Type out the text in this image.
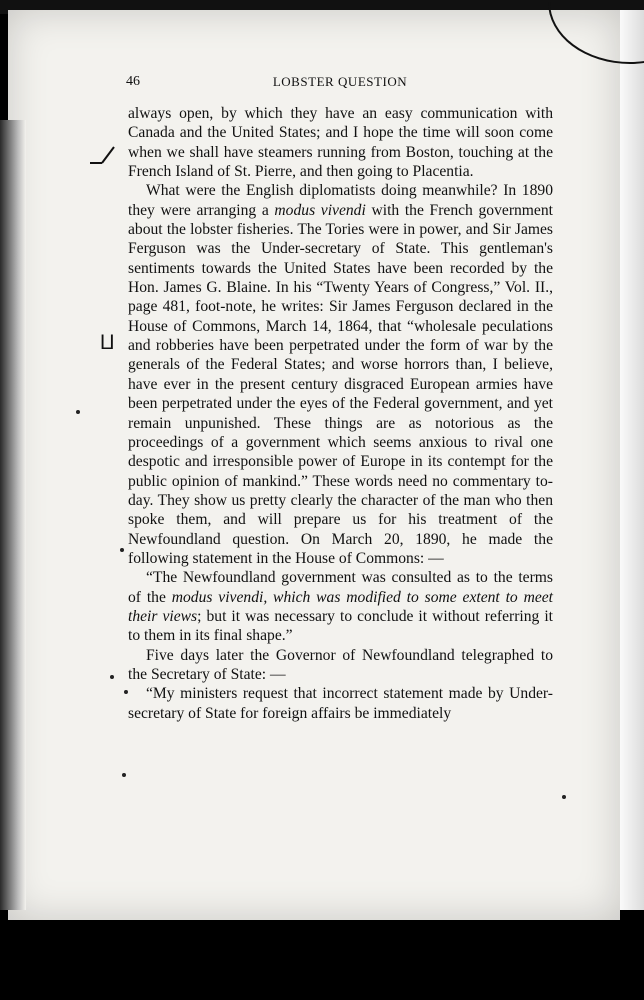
46	LOBSTER QUESTION
⨿

always open, by which they have an easy communication with Canada and the United States; and I hope the time will soon come when we shall have steamers running from Boston, touching at the French Island of St. Pierre, and then going to Placentia.

What were the English diplomatists doing meanwhile? In 1890 they were arranging a modus vivendi with the French government about the lobster fisheries. The Tories were in power, and Sir James Ferguson was the Under-secretary of State. This gentleman's sentiments towards the United States have been recorded by the Hon. James G. Blaine. In his “Twenty Years of Congress,” Vol. II., page 481, foot-note, he writes: Sir James Ferguson declared in the House of Commons, March 14, 1864, that “wholesale peculations and robberies have been perpetrated under the form of war by the generals of the Federal States; and worse horrors than, I believe, have ever in the present century disgraced European armies have been perpetrated under the eyes of the Federal government, and yet remain unpunished. These things are as notorious as the proceedings of a government which seems anxious to rival one despotic and irresponsible power of Europe in its contempt for the public opinion of mankind.” These words need no commentary to-day. They show us pretty clearly the character of the man who then spoke them, and will prepare us for his treatment of the Newfoundland question. On March 20, 1890, he made the following statement in the House of Commons: —

“The Newfoundland government was consulted as to the terms of the modus vivendi, which was modified to some extent to meet their views; but it was necessary to conclude it without referring it to them in its final shape.”

Five days later the Governor of Newfoundland telegraphed to the Secretary of State: —

“My ministers request that incorrect statement made by Under-secretary of State for foreign affairs be immediately
